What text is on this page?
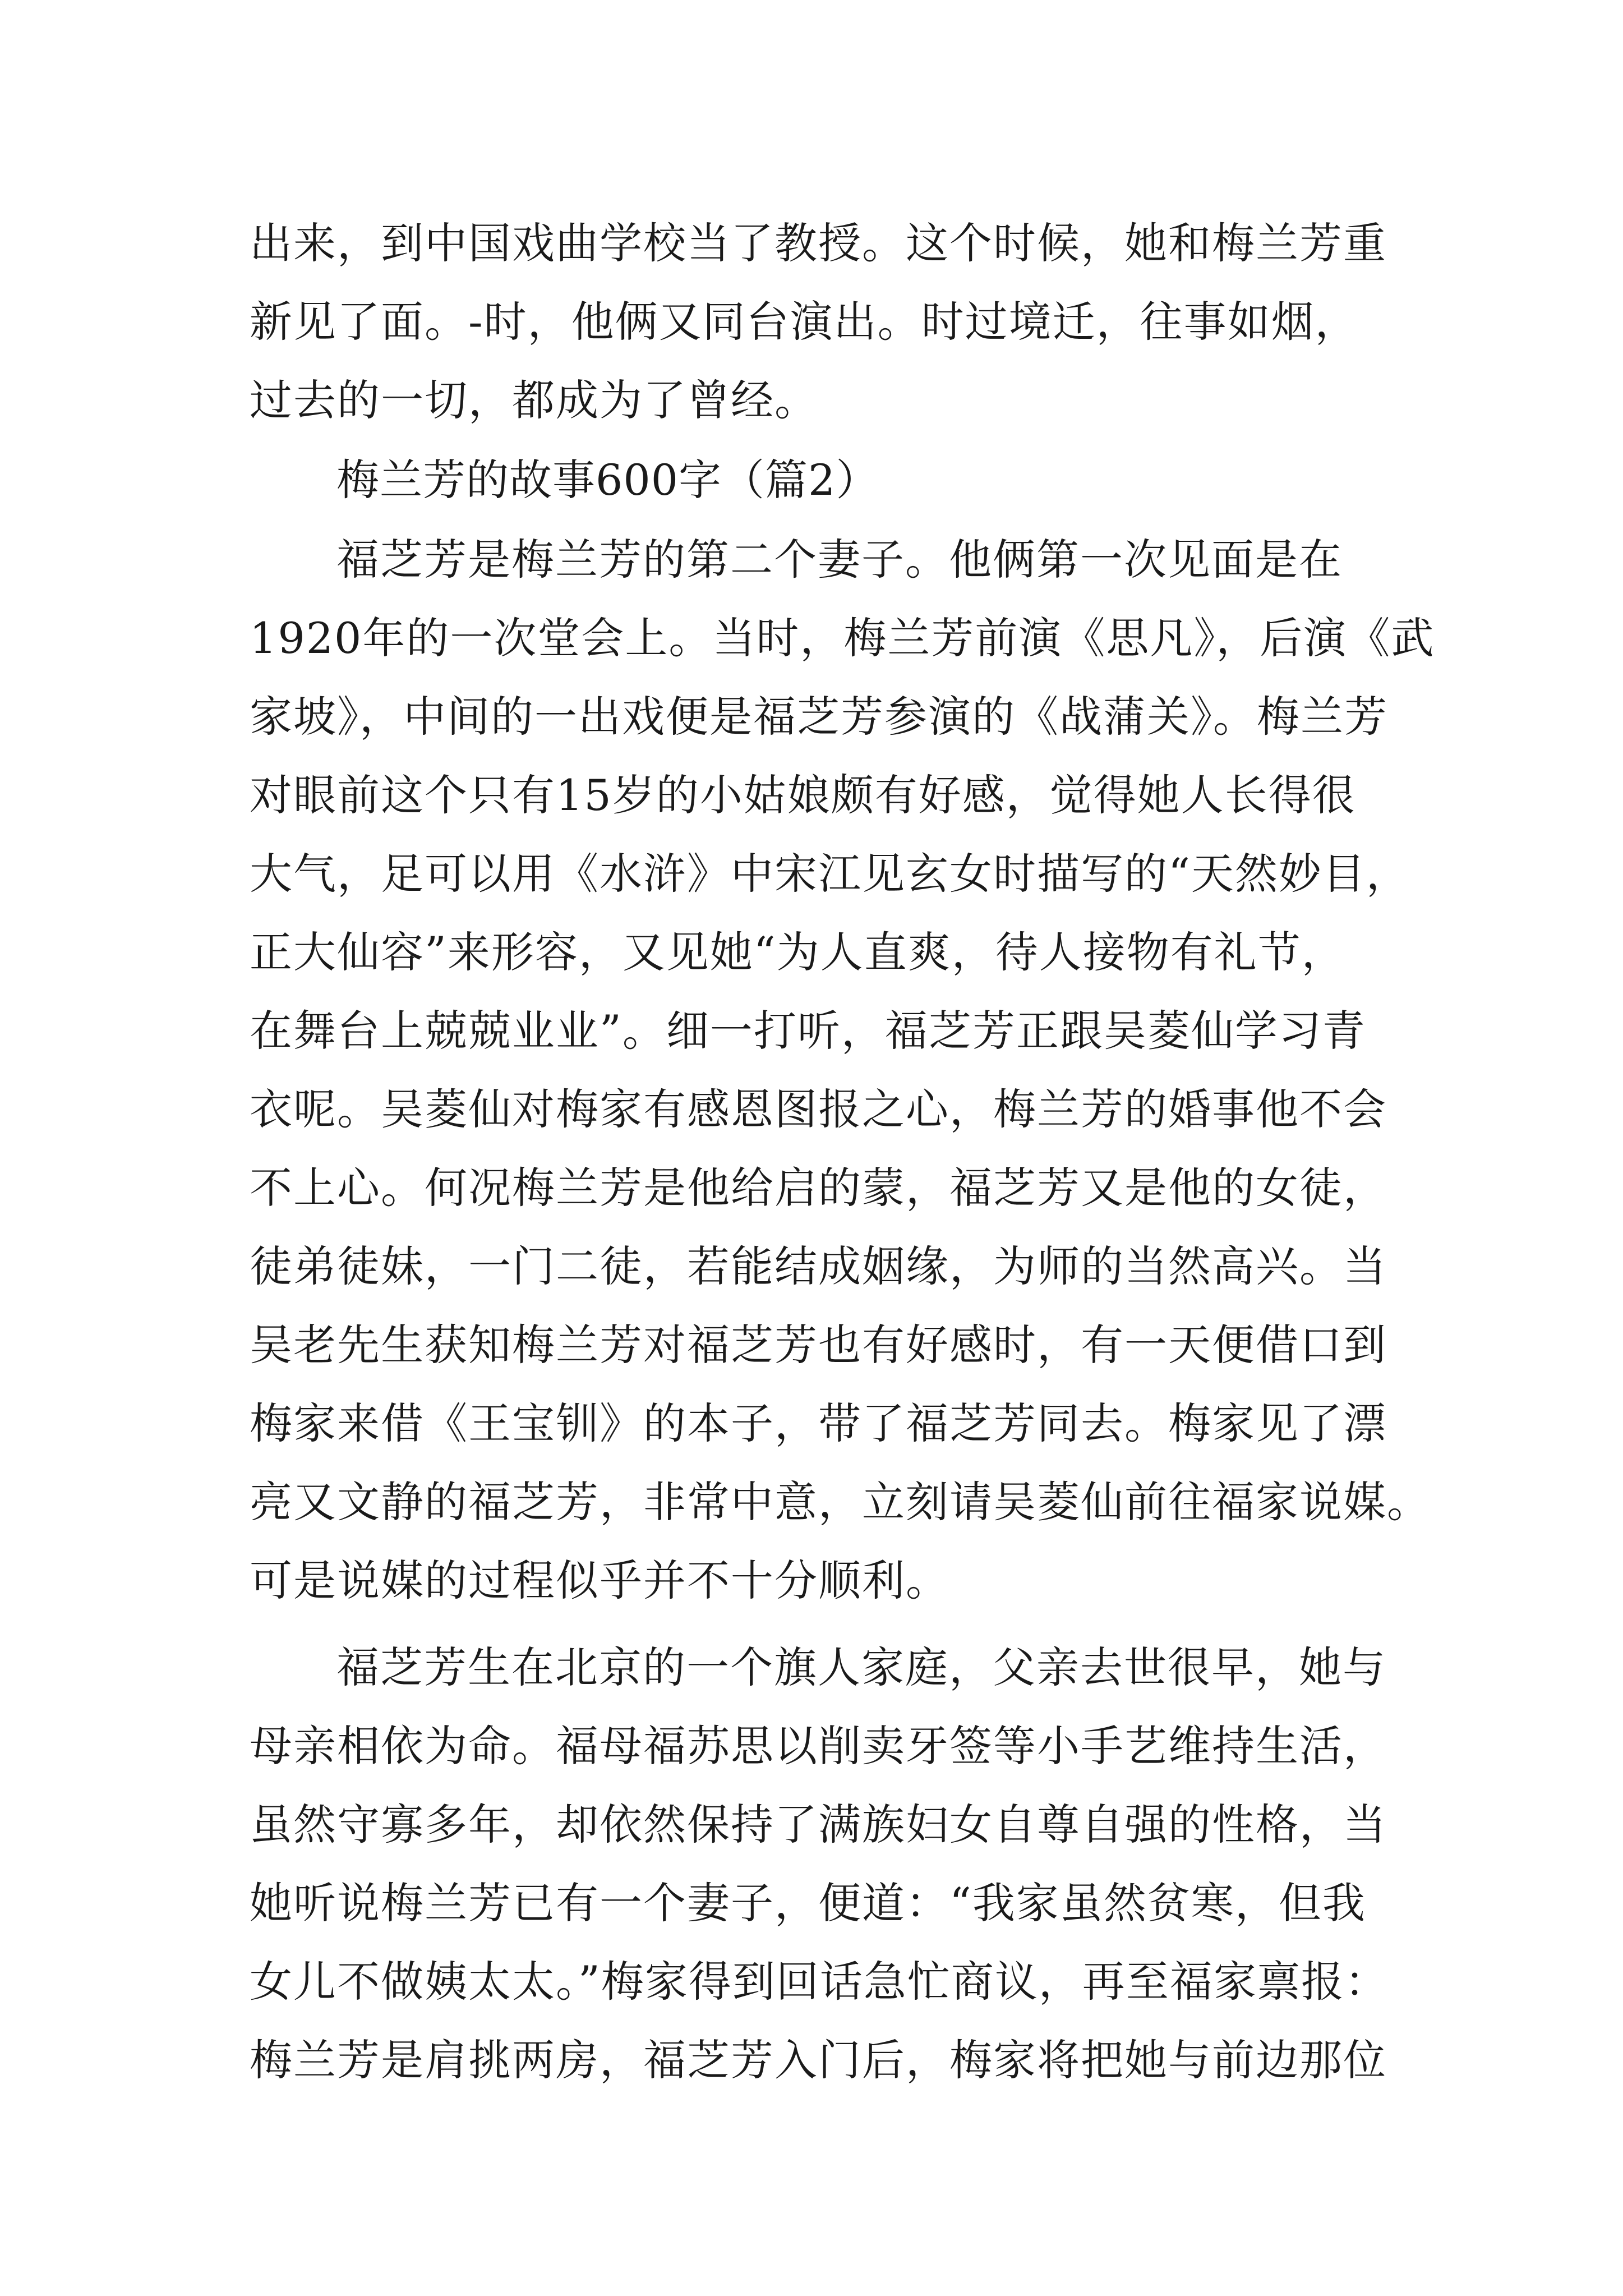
出来，到中国戏曲学校当了教授。这个时候，她和梅兰芳重
新见了面。-时，他俩又同台演出。时过境迁，往事如烟，
过去的一切，都成为了曾经。
梅兰芳的故事600字（篇2）
福芝芳是梅兰芳的第二个妻子。他俩第一次见面是在
1920年的一次堂会上。当时，梅兰芳前演《思凡》，后演《武
家坡》，中间的一出戏便是福芝芳参演的《战蒲关》。梅兰芳
对眼前这个只有15岁的小姑娘颇有好感，觉得她人长得很
大气，足可以用《水浒》中宋江见玄女时描写的“天然妙目，
正大仙容”来形容，又见她“为人直爽，待人接物有礼节，
在舞台上兢兢业业”。细一打听，福芝芳正跟吴菱仙学习青
衣呢。吴菱仙对梅家有感恩图报之心，梅兰芳的婚事他不会
不上心。何况梅兰芳是他给启的蒙，福芝芳又是他的女徒，
徒弟徒妹，一门二徒，若能结成姻缘，为师的当然高兴。当
吴老先生获知梅兰芳对福芝芳也有好感时，有一天便借口到
梅家来借《王宝钏》的本子，带了福芝芳同去。梅家见了漂
亮又文静的福芝芳，非常中意，立刻请吴菱仙前往福家说媒。
可是说媒的过程似乎并不十分顺利。
福芝芳生在北京的一个旗人家庭，父亲去世很早，她与
母亲相依为命。福母福苏思以削卖牙签等小手艺维持生活，
虽然守寡多年，却依然保持了满族妇女自尊自强的性格，当
她听说梅兰芳已有一个妻子，便道：“我家虽然贫寒，但我
女儿不做姨太太。”梅家得到回话急忙商议，再至福家禀报：
梅兰芳是肩挑两房，福芝芳入门后，梅家将把她与前边那位
